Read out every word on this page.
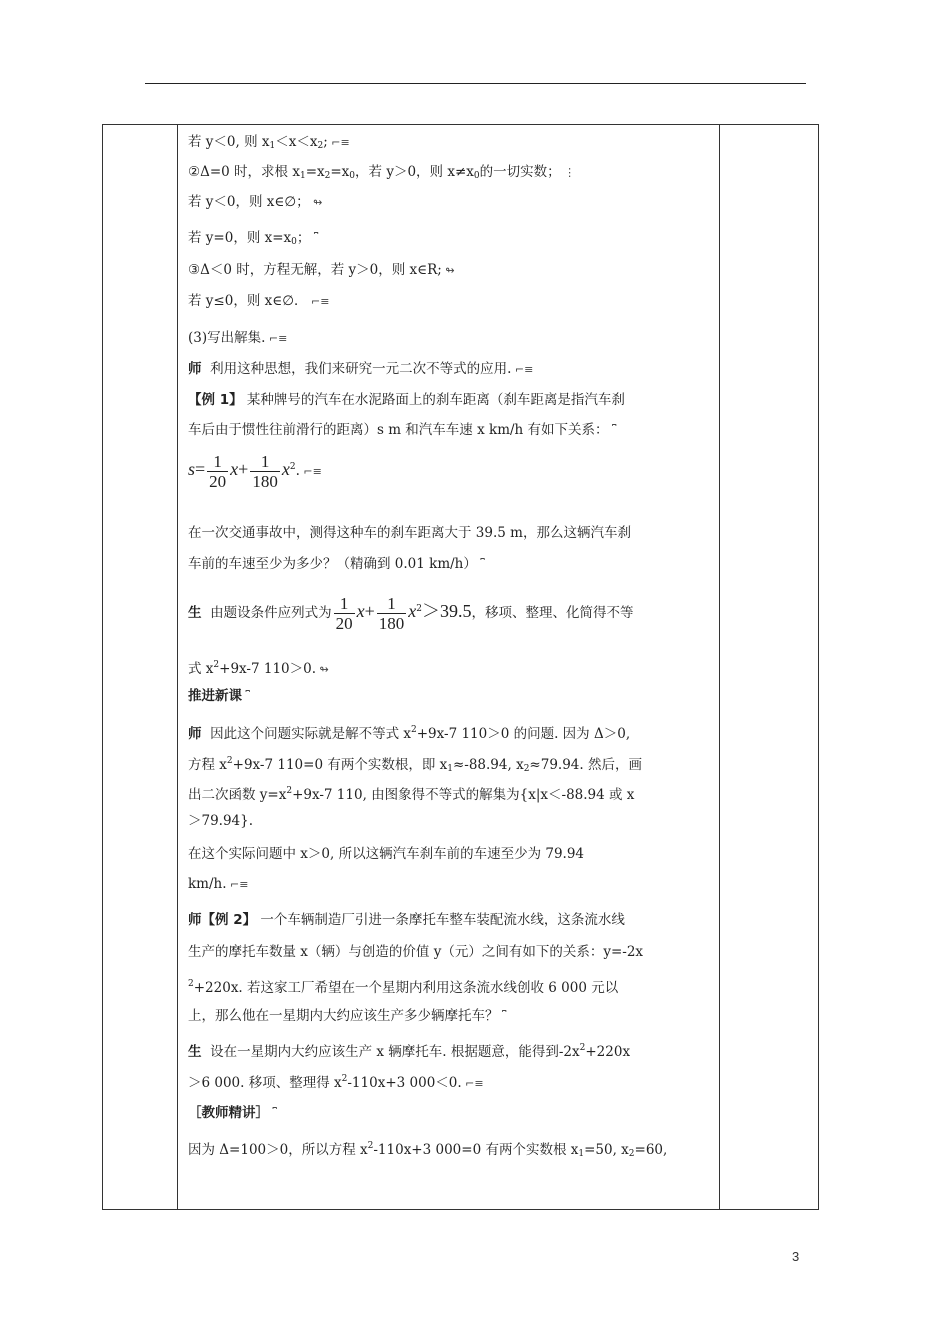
若 y＜0, 则 $x_1<x<x_2$; ⌐≡
②Δ=0 时，求根 $x_1=x_2=x_0$，若 y＞0，则 $x\ne x_0$的一切实数； ⋮
若 y＜0，则 x∈∅； ↬
若 y=0，则 $x=x_0$； ⎴
③Δ＜0 时，方程无解，若 y＞0，则 x∈R; ↬
若 y≤0，则 x∈∅． ⌐≡
(3)写出解集. ⌐≡
师 利用这种思想，我们来研究一元二次不等式的应用. ⌐≡
【例 1】 某种牌号的汽车在水泥路面上的刹车距离（刹车距离是指汽车刹
车后由于惯性往前滑行的距离）s m 和汽车车速 x km/h 有如下关系： ⎴
$s= \frac{1}{20} x+ \frac{1}{180} x^2$. ⌐≡
在一次交通事故中，测得这种车的刹车距离大于 39.5 m，那么这辆汽车刹
车前的车速至少为多少？（精确到 0.01 km/h） ⎴
生 由题设条件应列式为 $\frac{1}{20} x+ \frac{1}{180} x^2>39.5$，移项、整理、化简得不等
式 $x^2+9x-7$ 110＞0. ↬
推进新课 ⎴
师 因此这个问题实际就是解不等式 $x^2+9x-7$ 110＞0 的问题. 因为 Δ＞0,
方程 $x^2+9x-7$ 110=0 有两个实数根，即 $x_1\approx-88.94$, $x_2\approx 79.94$. 然后，画
出二次函数 $y=x^2+9x-7$ 110, 由图象得不等式的解集为{x|x＜-88.94 或 x
＞79.94}.
在这个实际问题中 x＞0, 所以这辆汽车刹车前的车速至少为 79.94
km/h. ⌐≡
师【例 2】 一个车辆制造厂引进一条摩托车整车装配流水线，这条流水线
生产的摩托车数量 x（辆）与创造的价值 y（元）之间有如下的关系：y=-2x
$^2$+220x. 若这家工厂希望在一个星期内利用这条流水线创收 6 000 元以
上，那么他在一星期内大约应该生产多少辆摩托车？ ⎴
生 设在一星期内大约应该生产 x 辆摩托车. 根据题意，能得到$-2x^2+220x$
＞6 000. 移项、整理得 $x^2-110x+3$ 000＜0. ⌐≡
［教师精讲］ ⎴
因为 Δ=100＞0，所以方程 $x^2-110x+3$ 000=0 有两个实数根 $x_1=50$, $x_2=60$,
3
